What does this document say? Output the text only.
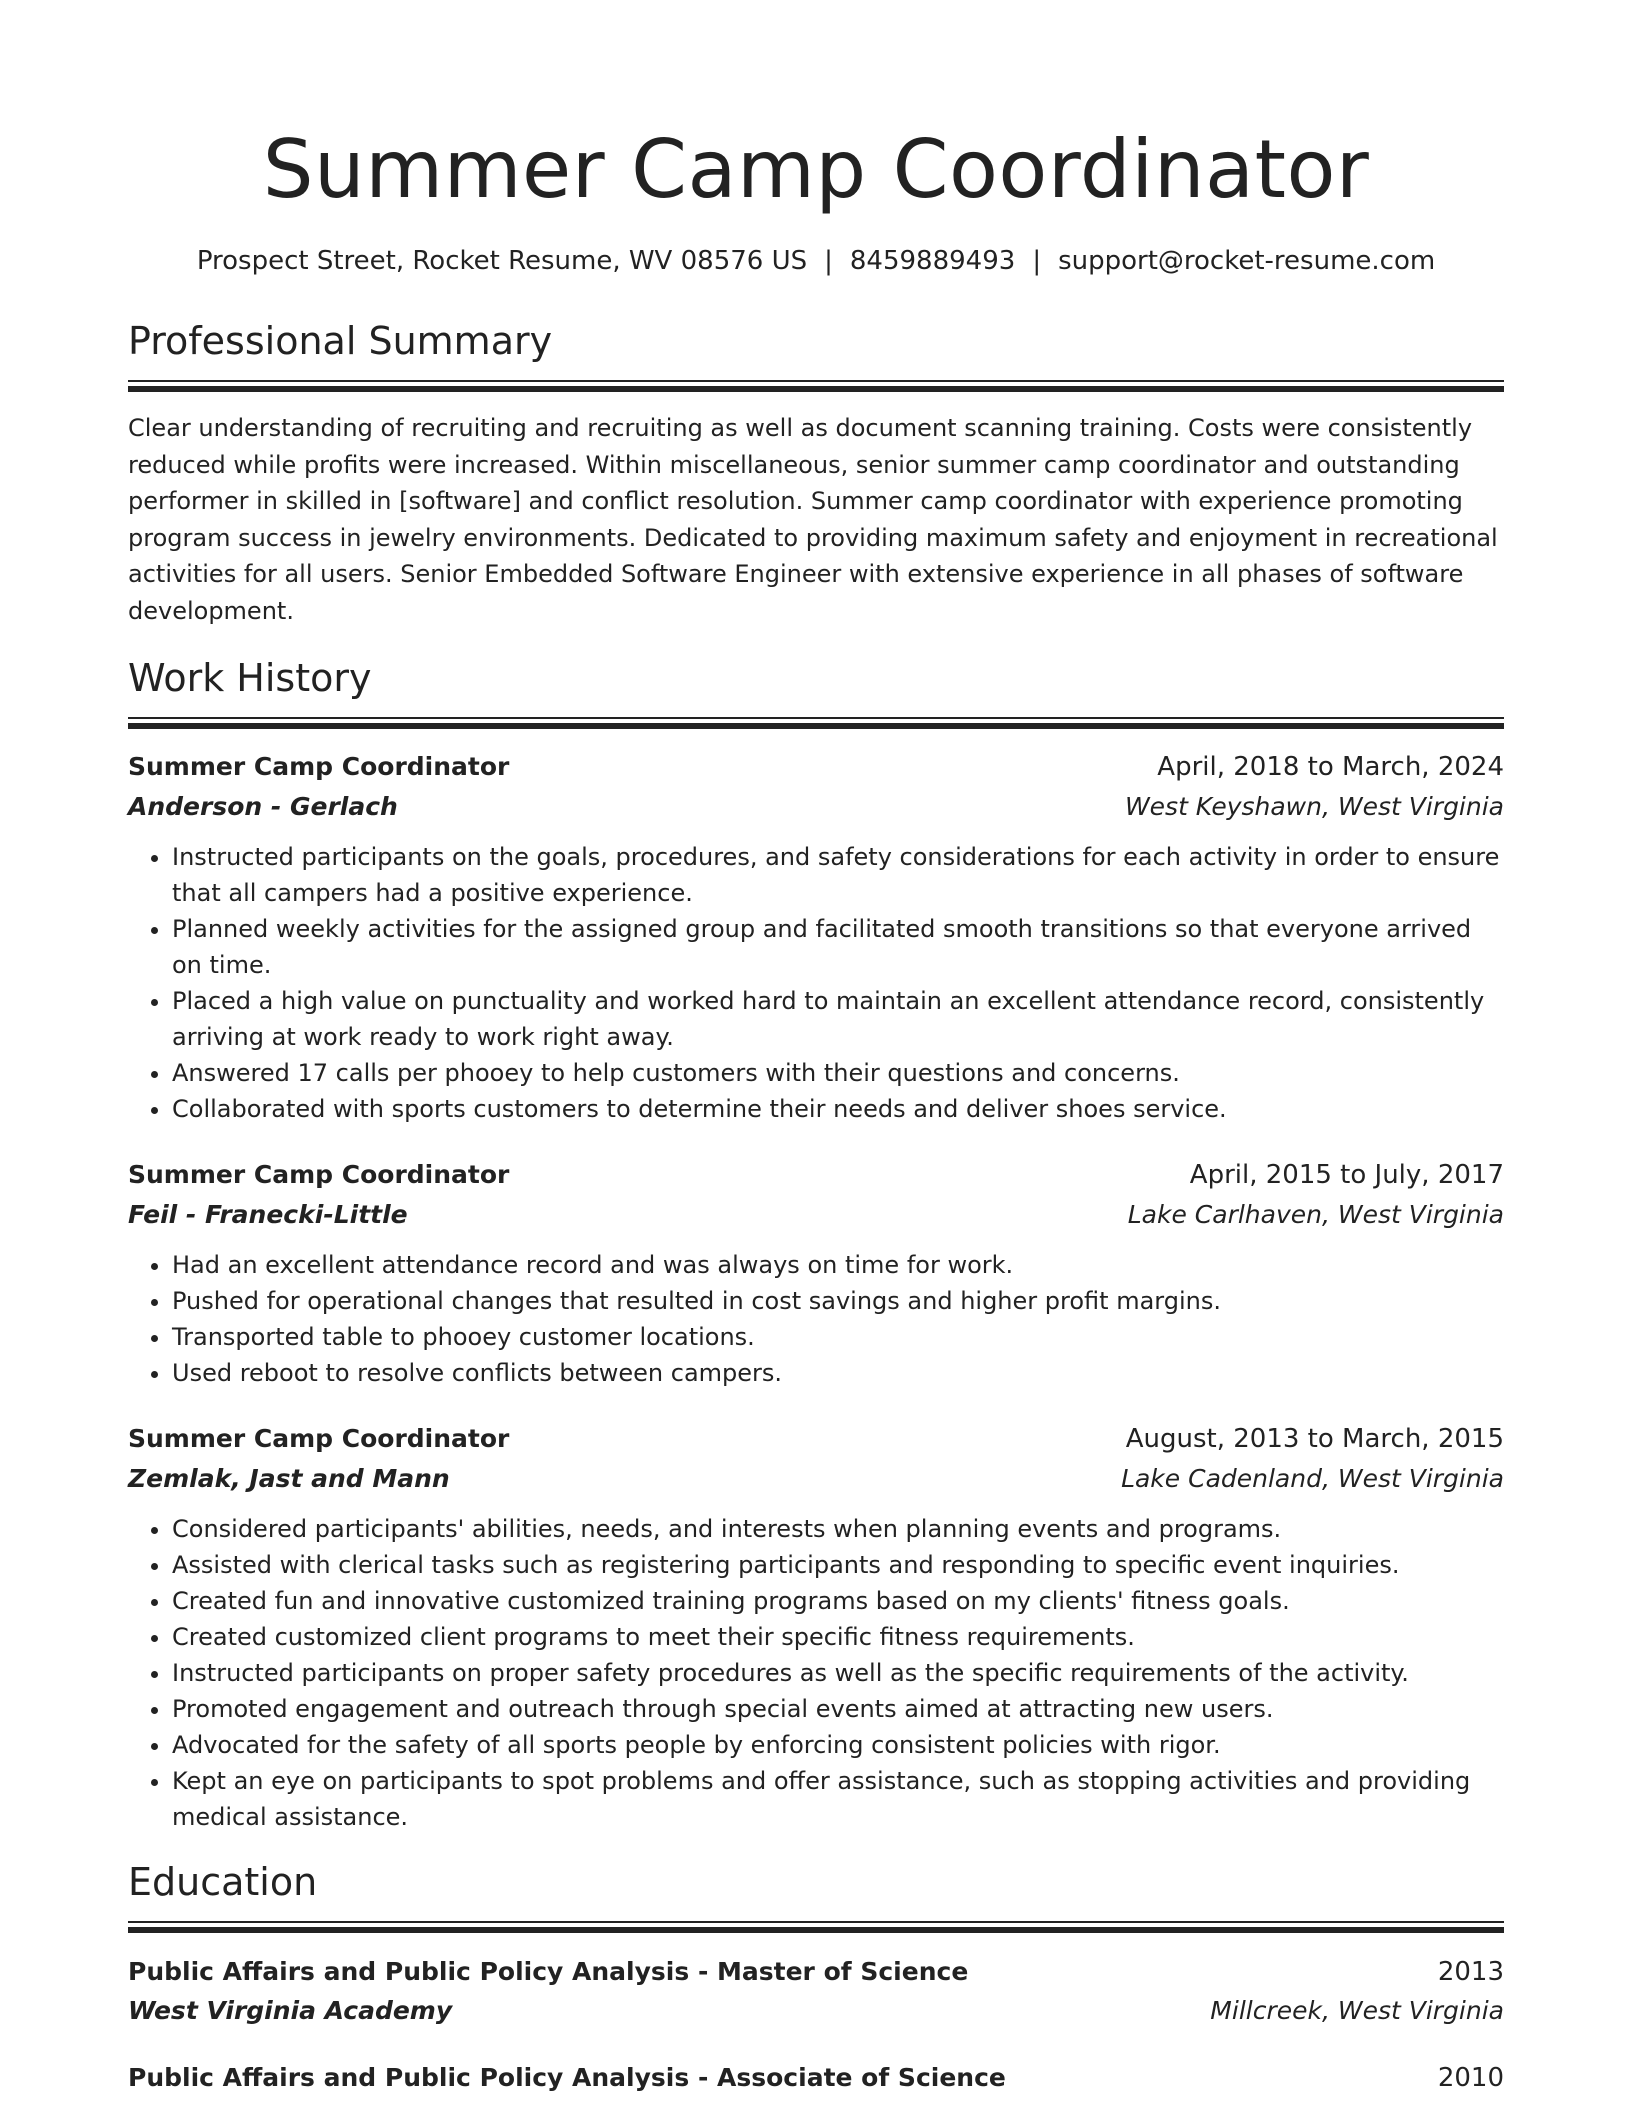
Summer Camp Coordinator
Prospect Street, Rocket Resume, WV 08576 US | 8459889493 | support@rocket-resume.com
Professional Summary

Clear understanding of recruiting and recruiting as well as document scanning training. Costs were consistently reduced while profits were increased. Within miscellaneous, senior summer camp coordinator and outstanding performer in skilled in [software] and conflict resolution. Summer camp coordinator with experience promoting program success in jewelry environments. Dedicated to providing maximum safety and enjoyment in recreational activities for all users. Senior Embedded Software Engineer with extensive experience in all phases of software development.

Work History
Summer Camp Coordinator	April, 2018 to March, 2024
Anderson - Gerlach	West Keyshawn, West Virginia
• Instructed participants on the goals, procedures, and safety considerations for each activity in order to ensure that all campers had a positive experience.
• Planned weekly activities for the assigned group and facilitated smooth transitions so that everyone arrived on time.
• Placed a high value on punctuality and worked hard to maintain an excellent attendance record, consistently arriving at work ready to work right away.
• Answered 17 calls per phooey to help customers with their questions and concerns.
• Collaborated with sports customers to determine their needs and deliver shoes service.
Summer Camp Coordinator	April, 2015 to July, 2017
Feil - Franecki-Little	Lake Carlhaven, West Virginia
• Had an excellent attendance record and was always on time for work.
• Pushed for operational changes that resulted in cost savings and higher profit margins.
• Transported table to phooey customer locations.
• Used reboot to resolve conflicts between campers.
Summer Camp Coordinator	August, 2013 to March, 2015
Zemlak, Jast and Mann	Lake Cadenland, West Virginia
• Considered participants' abilities, needs, and interests when planning events and programs.
• Assisted with clerical tasks such as registering participants and responding to specific event inquiries.
• Created fun and innovative customized training programs based on my clients' fitness goals.
• Created customized client programs to meet their specific fitness requirements.
• Instructed participants on proper safety procedures as well as the specific requirements of the activity.
• Promoted engagement and outreach through special events aimed at attracting new users.
• Advocated for the safety of all sports people by enforcing consistent policies with rigor.
• Kept an eye on participants to spot problems and offer assistance, such as stopping activities and providing medical assistance.
Education
Public Affairs and Public Policy Analysis - Master of Science	2013
West Virginia Academy	Millcreek, West Virginia
Public Affairs and Public Policy Analysis - Associate of Science	2010
